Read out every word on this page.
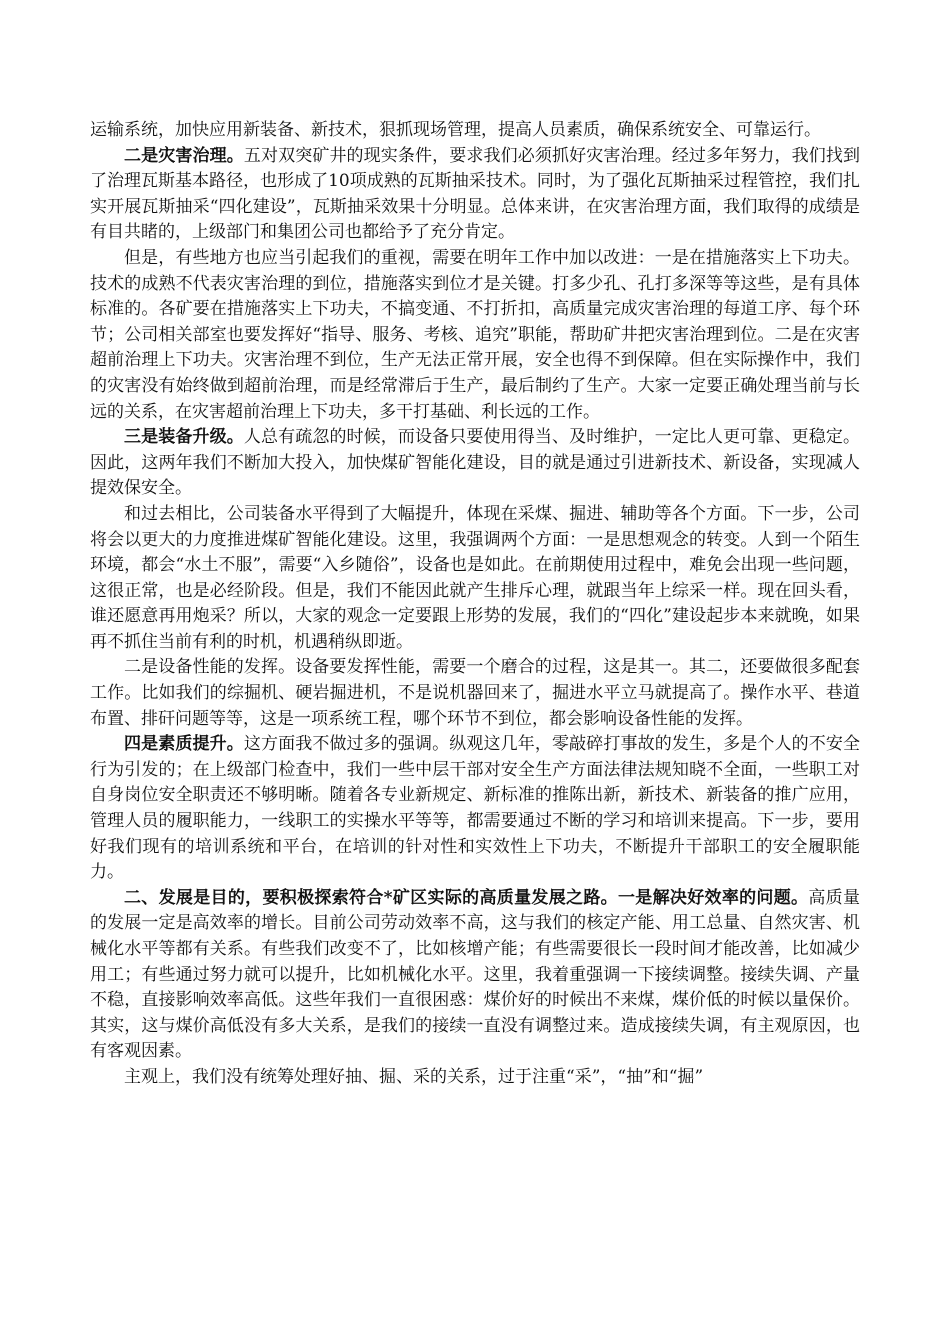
运输系统，加快应用新装备、新技术，狠抓现场管理，提高人员素质，确保系统安全、可靠运行。

二是灾害治理。五对双突矿井的现实条件，要求我们必须抓好灾害治理。经过多年努力，我们找到了治理瓦斯基本路径，也形成了10项成熟的瓦斯抽采技术。同时，为了强化瓦斯抽采过程管控，我们扎实开展瓦斯抽采“四化建设”，瓦斯抽采效果十分明显。总体来讲，在灾害治理方面，我们取得的成绩是有目共睹的，上级部门和集团公司也都给予了充分肯定。

但是，有些地方也应当引起我们的重视，需要在明年工作中加以改进：一是在措施落实上下功夫。技术的成熟不代表灾害治理的到位，措施落实到位才是关键。打多少孔、孔打多深等等这些，是有具体标准的。各矿要在措施落实上下功夫，不搞变通、不打折扣，高质量完成灾害治理的每道工序、每个环节；公司相关部室也要发挥好“指导、服务、考核、追究”职能，帮助矿井把灾害治理到位。二是在灾害超前治理上下功夫。灾害治理不到位，生产无法正常开展，安全也得不到保障。但在实际操作中，我们的灾害没有始终做到超前治理，而是经常滞后于生产，最后制约了生产。大家一定要正确处理当前与长远的关系，在灾害超前治理上下功夫，多干打基础、利长远的工作。

三是装备升级。人总有疏忽的时候，而设备只要使用得当、及时维护，一定比人更可靠、更稳定。因此，这两年我们不断加大投入，加快煤矿智能化建设，目的就是通过引进新技术、新设备，实现减人提效保安全。

和过去相比，公司装备水平得到了大幅提升，体现在采煤、掘进、辅助等各个方面。下一步，公司将会以更大的力度推进煤矿智能化建设。这里，我强调两个方面：一是思想观念的转变。人到一个陌生环境，都会“水土不服”，需要“入乡随俗”，设备也是如此。在前期使用过程中，难免会出现一些问题，这很正常，也是必经阶段。但是，我们不能因此就产生排斥心理，就跟当年上综采一样。现在回头看，谁还愿意再用炮采？所以，大家的观念一定要跟上形势的发展，我们的“四化”建设起步本来就晚，如果再不抓住当前有利的时机，机遇稍纵即逝。

二是设备性能的发挥。设备要发挥性能，需要一个磨合的过程，这是其一。其二，还要做很多配套工作。比如我们的综掘机、硬岩掘进机，不是说机器回来了，掘进水平立马就提高了。操作水平、巷道布置、排矸问题等等，这是一项系统工程，哪个环节不到位，都会影响设备性能的发挥。

四是素质提升。这方面我不做过多的强调。纵观这几年，零敲碎打事故的发生，多是个人的不安全行为引发的；在上级部门检查中，我们一些中层干部对安全生产方面法律法规知晓不全面，一些职工对自身岗位安全职责还不够明晰。随着各专业新规定、新标准的推陈出新，新技术、新装备的推广应用，管理人员的履职能力，一线职工的实操水平等等，都需要通过不断的学习和培训来提高。下一步，要用好我们现有的培训系统和平台，在培训的针对性和实效性上下功夫，不断提升干部职工的安全履职能力。

二、发展是目的，要积极探索符合*矿区实际的高质量发展之路。一是解决好效率的问题。高质量的发展一定是高效率的增长。目前公司劳动效率不高，这与我们的核定产能、用工总量、自然灾害、机械化水平等都有关系。有些我们改变不了，比如核增产能；有些需要很长一段时间才能改善，比如减少用工；有些通过努力就可以提升，比如机械化水平。这里，我着重强调一下接续调整。接续失调、产量不稳，直接影响效率高低。这些年我们一直很困惑：煤价好的时候出不来煤，煤价低的时候以量保价。其实，这与煤价高低没有多大关系，是我们的接续一直没有调整过来。造成接续失调，有主观原因，也有客观因素。

主观上，我们没有统筹处理好抽、掘、采的关系，过于注重“采”，“抽”和“掘”
